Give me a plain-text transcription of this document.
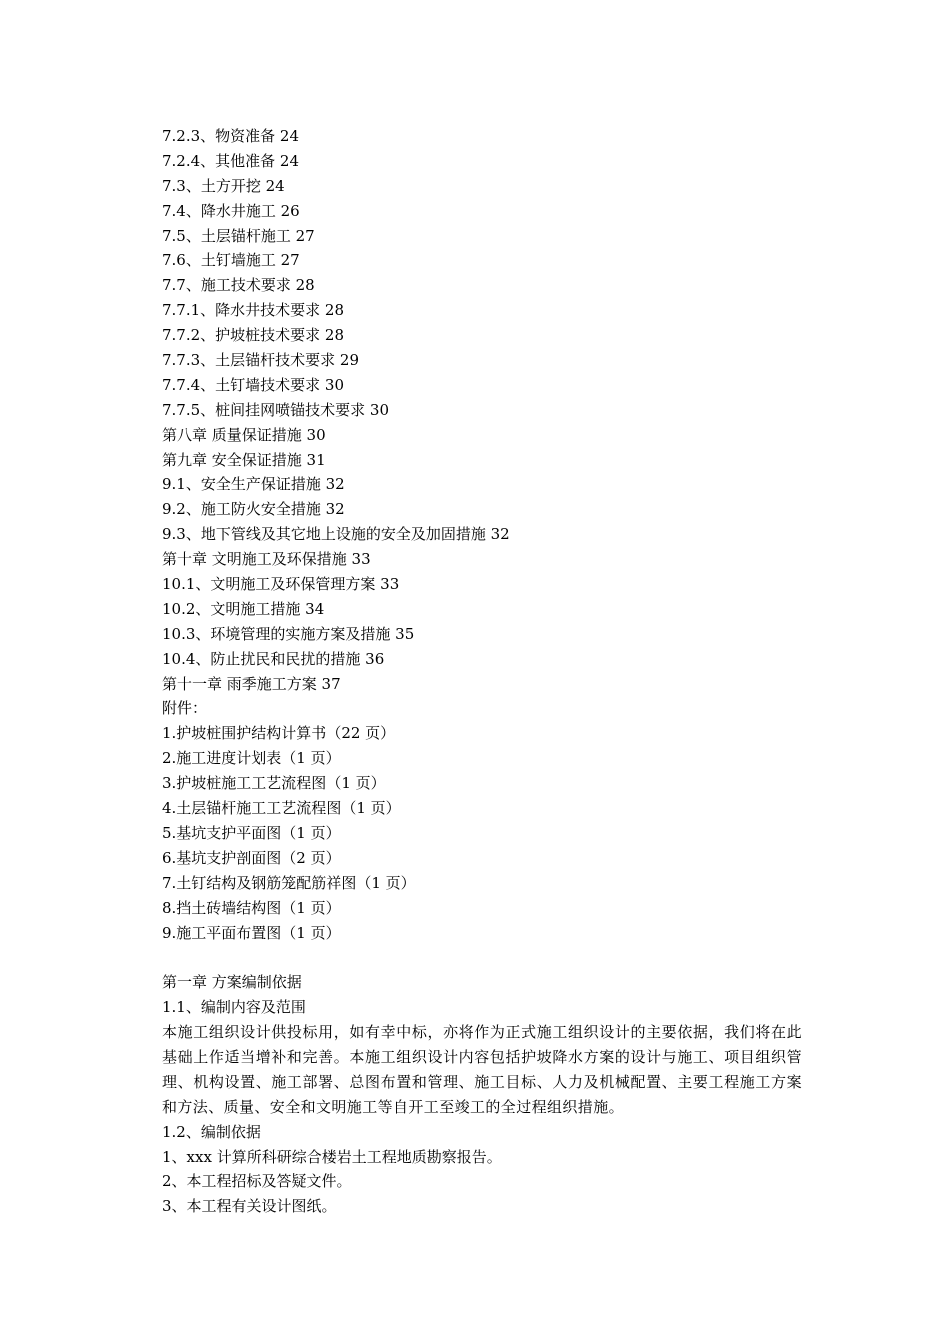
7.2.3、物资准备 24
7.2.4、其他准备 24
7.3、土方开挖 24
7.4、降水井施工 26
7.5、土层锚杆施工 27
7.6、土钉墙施工 27
7.7、施工技术要求 28
7.7.1、降水井技术要求 28
7.7.2、护坡桩技术要求 28
7.7.3、土层锚杆技术要求 29
7.7.4、土钉墙技术要求 30
7.7.5、桩间挂网喷锚技术要求 30
第八章 质量保证措施 30
第九章 安全保证措施 31
9.1、安全生产保证措施 32
9.2、施工防火安全措施 32
9.3、地下管线及其它地上设施的安全及加固措施 32
第十章 文明施工及环保措施 33
10.1、文明施工及环保管理方案 33
10.2、文明施工措施 34
10.3、环境管理的实施方案及措施 35
10.4、防止扰民和民扰的措施 36
第十一章 雨季施工方案 37
附件：
1.护坡桩围护结构计算书（22 页）
2.施工进度计划表（1 页）
3.护坡桩施工工艺流程图（1 页）
4.土层锚杆施工工艺流程图（1 页）
5.基坑支护平面图（1 页）
6.基坑支护剖面图（2 页）
7.土钉结构及钢筋笼配筋祥图（1 页）
8.挡土砖墙结构图（1 页）
9.施工平面布置图（1 页）
第一章 方案编制依据
1.1、编制内容及范围
本施工组织设计供投标用，如有幸中标，亦将作为正式施工组织设计的主要依据，我们将在此基础上作适当增补和完善。本施工组织设计内容包括护坡降水方案的设计与施工、项目组织管理、机构设置、施工部署、总图布置和管理、施工目标、人力及机械配置、主要工程施工方案和方法、质量、安全和文明施工等自开工至竣工的全过程组织措施。
1.2、编制依据
1、xxx 计算所科研综合楼岩土工程地质勘察报告。
2、本工程招标及答疑文件。
3、本工程有关设计图纸。
